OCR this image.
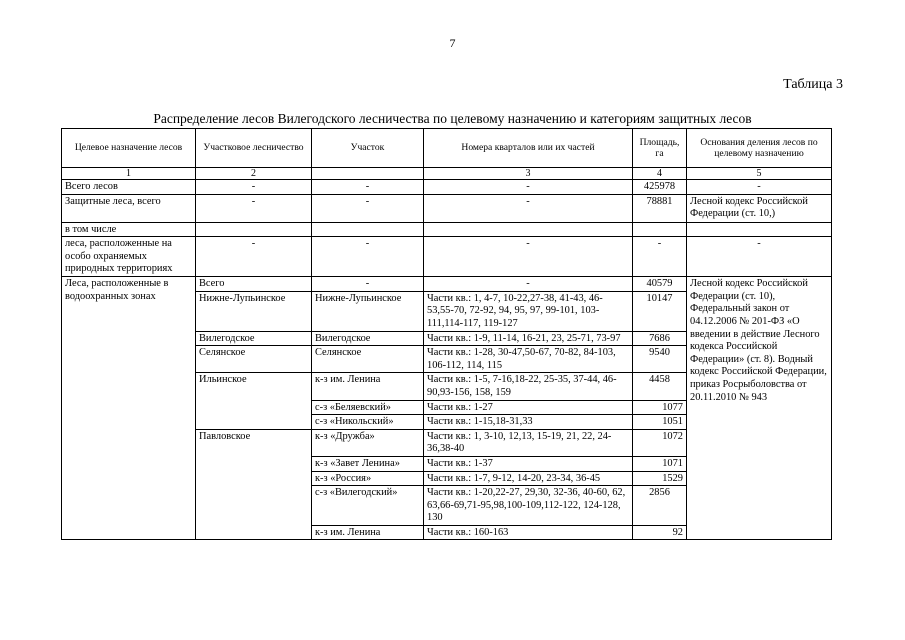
7
Таблица 3
Распределение лесов Вилегодского лесничества по целевому назначению и категориям защитных лесов
Целевое назначение лесов	Участковое лесничество	Участок	Номера кварталов или их частей	Площадь, га	Основания деления лесов по целевому назначению
1	2		3	4	5
Всего лесов	-	-	-	425978	-
Защитные леса, всего	-	-	-	78881	Лесной кодекс Российской Федерации (ст. 10,)
в том числе					
леса, расположенные на особо охраняемых природных территориях	-	-	-	-	-
Леса, расположенные в водоохранных зонах	Всего	-	-	40579	Лесной кодекс Российской Федерации (ст. 10), Федеральный закон от 04.12.2006 № 201-ФЗ «О введении в действие Лесного кодекса Российской Федерации» (ст. 8). Водный кодекс Российской Федерации, приказ Росрыболовства от 20.11.2010 № 943
	Нижне-Лупьинское	Нижне-Лупьинское	Части кв.: 1, 4-7, 10-22,27-38, 41-43, 46-53,55-70, 72-92, 94, 95, 97, 99-101, 103-111,114-117, 119-127	10147	
	Вилегодское	Вилегодскоe	Части кв.: 1-9, 11-14, 16-21, 23, 25-71, 73-97	7686	
	Селянское	Селянское	Части кв.: 1-28, 30-47,50-67, 70-82, 84-103, 106-112, 114, 115	9540	
	Ильинское	к-з им. Ленина	Части кв.: 1-5, 7-16,18-22, 25-35, 37-44, 46-90,93-156, 158, 159	4458	
		с-з «Беляевский»	Части кв.: 1-27	1077	
		с-з «Никольский»	Части кв.: 1-15,18-31,33	1051	
	Павловское	к-з «Дружба»	Части кв.: 1, 3-10, 12,13, 15-19, 21, 22, 24-36,38-40	1072	
		к-з «Завет Ленина»	Части кв.: 1-37	1071	
		к-з «Россия»	Части кв.: 1-7, 9-12, 14-20, 23-34, 36-45	1529	
		с-з «Вилегодский»	Части кв.: 1-20,22-27, 29,30, 32-36, 40-60, 62, 63,66-69,71-95,98,100-109,112-122, 124-128, 130	2856	
		к-з им. Ленина	Части кв.: 160-163	92	
